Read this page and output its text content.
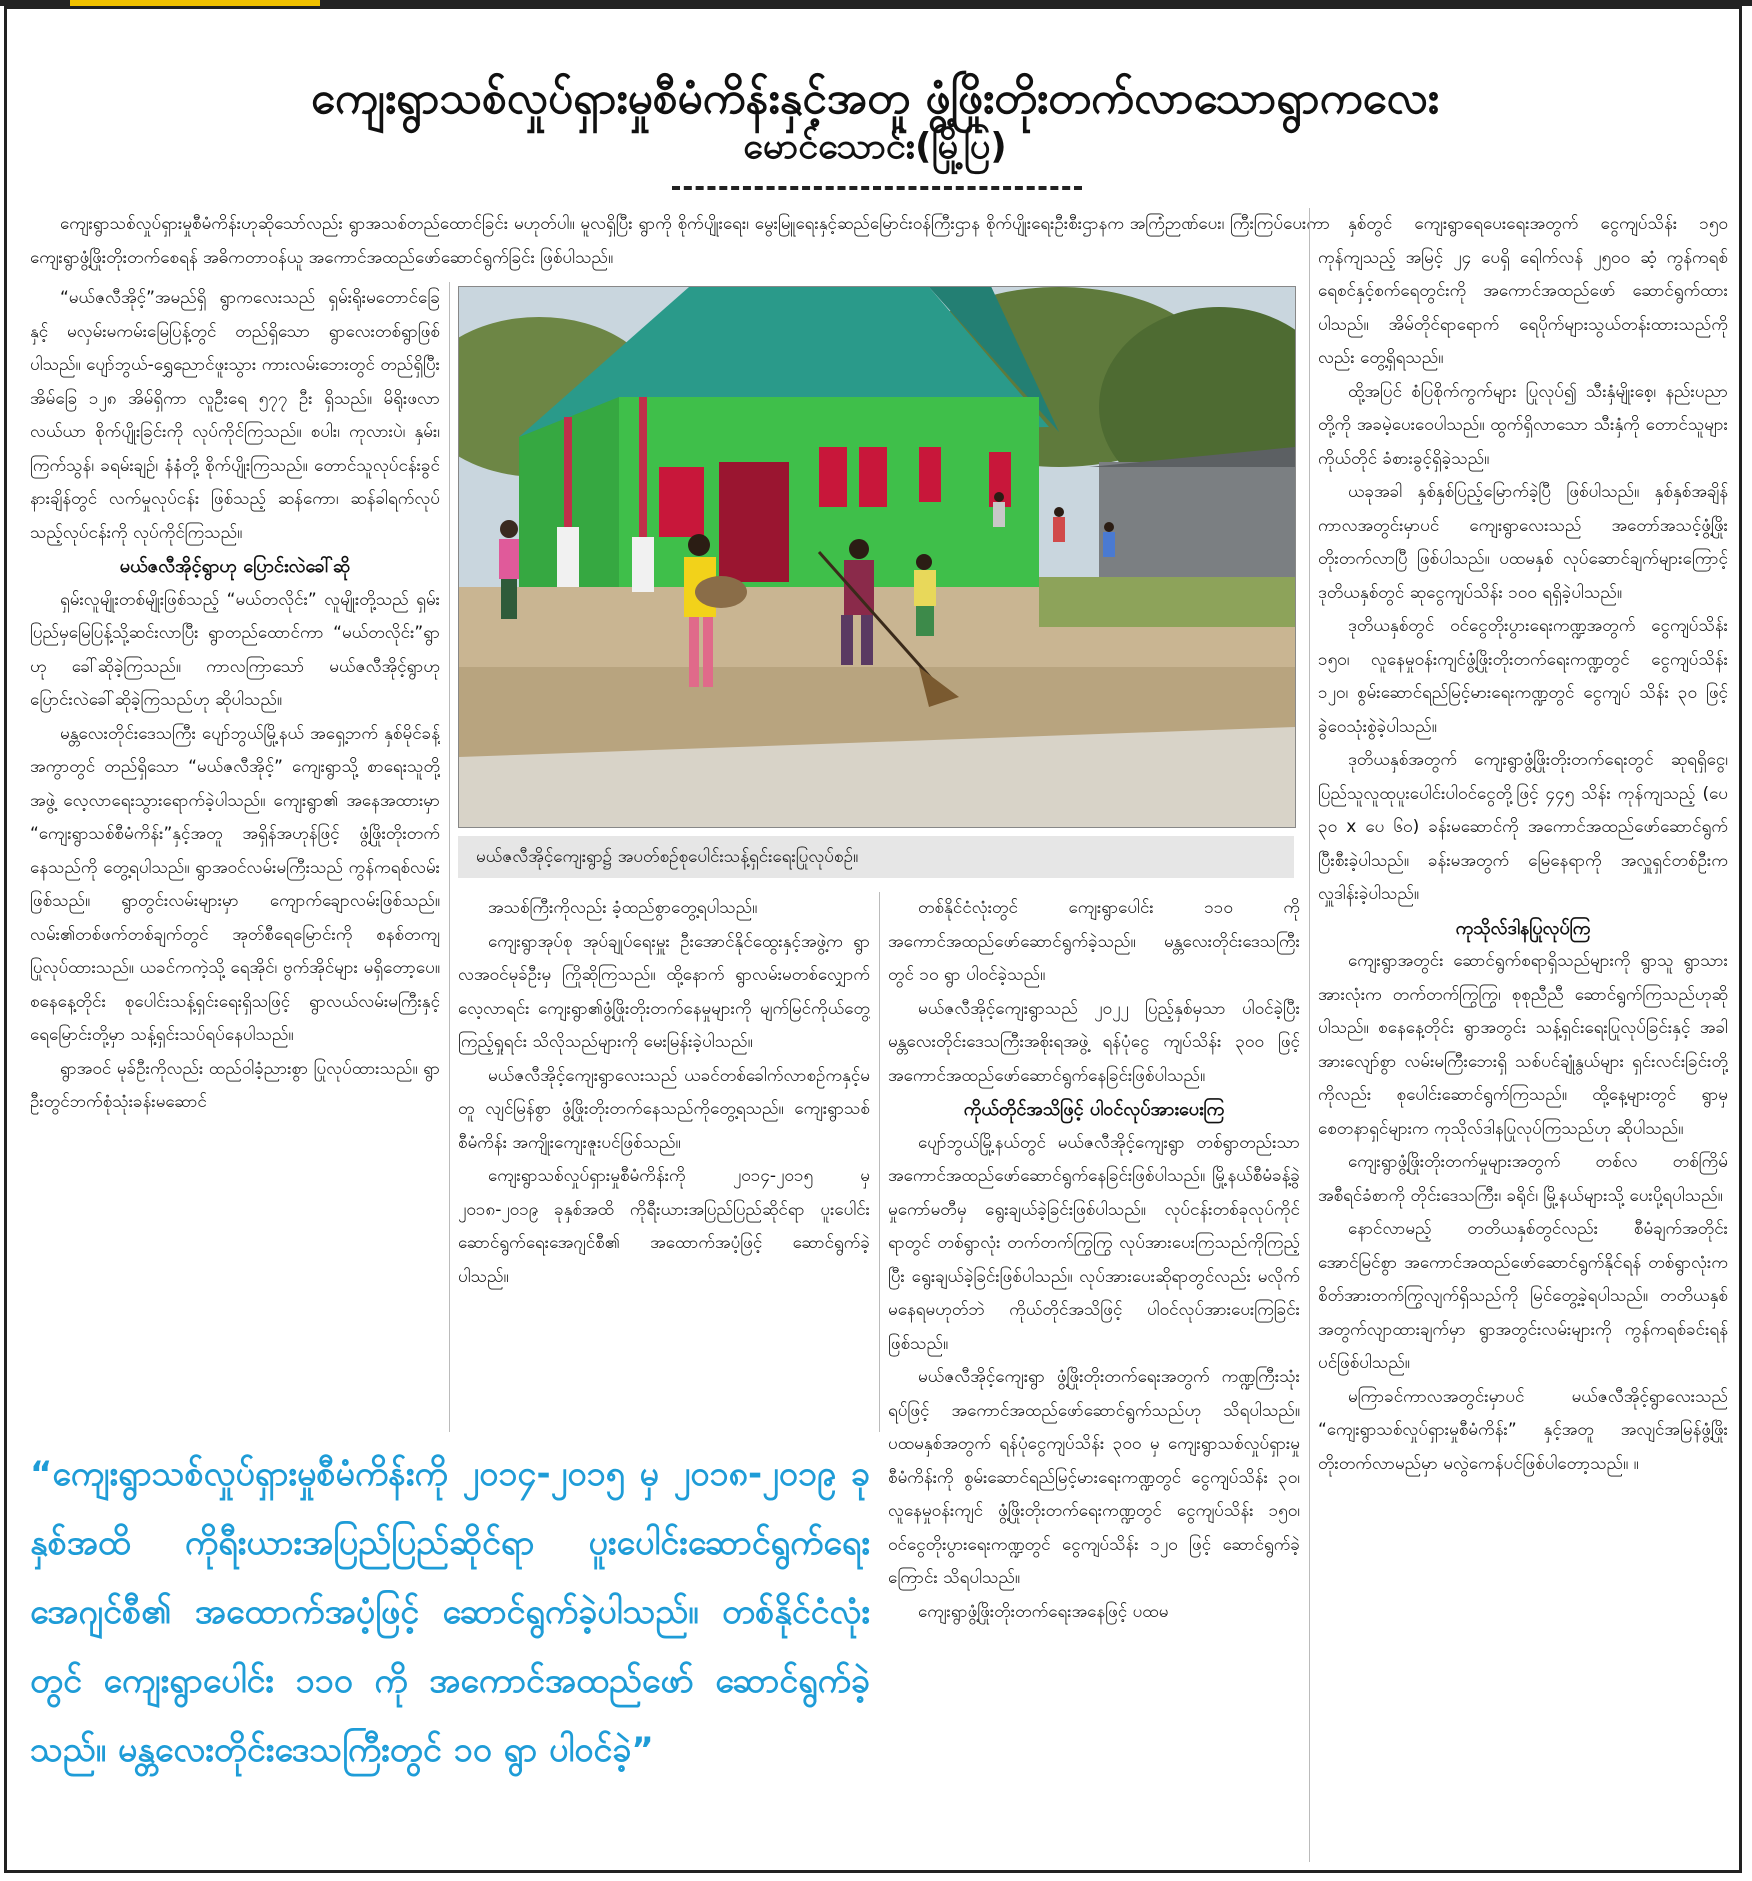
ကျေးရွာသစ်လှုပ်ရှားမှုစီမံကိန်းနှင့်အတူ ဖွံ့ဖြိုးတိုးတက်လာသောရွာကလေး
မောင်သောင်း(မြို့ပြ)

ကျေးရွာသစ်လှုပ်ရှားမှုစီမံကိန်းဟုဆိုသော်လည်း ရွာအသစ်တည်ထောင်ခြင်း မဟုတ်ပါ။ မူလရှိပြီး ရွာကို စိုက်ပျိုးရေး၊ မွေးမြူရေးနှင့်ဆည်မြောင်းဝန်ကြီးဌာန စိုက်ပျိုးရေးဦးစီးဌာနက အကြံဉာဏ်ပေး၊ ကြီးကြပ်ပေးကာ ကျေးရွာဖွံ့ဖြိုးတိုးတက်စေရန် အဓိကတာဝန်ယူ အကောင်အထည်ဖော်ဆောင်ရွက်ခြင်း ဖြစ်ပါသည်။

မယ်ဇလီအိုင့်ကျေးရွာ၌ အပတ်စဉ်စုပေါင်းသန့်ရှင်းရေးပြုလုပ်စဉ်။

“မယ်ဇလီအိုင့်”အမည်ရှိ ရွာကလေးသည် ရှမ်းရိုးမတောင်ခြေနှင့် မလှမ်းမကမ်းမြေပြန့်တွင် တည်ရှိသော ရွာလေးတစ်ရွာဖြစ်ပါသည်။ ပျော်ဘွယ်-ရွှေညောင်ဖူးသွား ကားလမ်းဘေးတွင် တည်ရှိပြီး အိမ်ခြေ ၁၂၈ အိမ်ရှိကာ လူဦးရေ ၅၇၇ ဦး ရှိသည်။ မိရိုးဖလာလယ်ယာ စိုက်ပျိုးခြင်းကို လုပ်ကိုင်ကြသည်။ စပါး၊ ကုလားပဲ၊ နှမ်း၊ ကြက်သွန်၊ ခရမ်းချဉ်၊ နံနံတို့ စိုက်ပျိုးကြသည်။ တောင်သူလုပ်ငန်းခွင်နားချိန်တွင် လက်မှုလုပ်ငန်း ဖြစ်သည့် ဆန်ကော၊ ဆန်ခါရက်လုပ်သည့်လုပ်ငန်းကို လုပ်ကိုင်ကြသည်။

မယ်ဇလီအိုင့်ရွာဟု ပြောင်းလဲခေါ်ဆို

ရှမ်းလူမျိုးတစ်မျိုးဖြစ်သည့် “မယ်တလိုင်း” လူမျိုးတို့သည် ရှမ်းပြည်မှမြေပြန့်သို့ဆင်းလာပြီး ရွာတည်ထောင်ကာ “မယ်တလိုင်း”ရွာဟု ခေါ်ဆိုခဲ့ကြသည်။ ကာလကြာသော် မယ်ဇလီအိုင့်ရွာဟု ပြောင်းလဲခေါ်ဆိုခဲ့ကြသည်ဟု ဆိုပါသည်။

မန္တလေးတိုင်းဒေသကြီး ပျော်ဘွယ်မြို့နယ် အရှေ့ဘက် နှစ်မိုင်ခန့်အကွာတွင် တည်ရှိသော “မယ်ဇလီအိုင့်” ကျေးရွာသို့ စာရေးသူတို့အဖွဲ့ လေ့လာရေးသွားရောက်ခဲ့ပါသည်။ ကျေးရွာ၏ အနေအထားမှာ “ကျေးရွာသစ်စီမံကိန်း”နှင့်အတူ အရှိန်အဟုန်ဖြင့် ဖွံ့ဖြိုးတိုးတက်နေသည်ကို တွေ့ရပါသည်။ ရွာအဝင်လမ်းမကြီးသည် ကွန်ကရစ်လမ်းဖြစ်သည်။ ရွာတွင်းလမ်းများမှာ ကျောက်ချောလမ်းဖြစ်သည်။ လမ်း၏တစ်ဖက်တစ်ချက်တွင် အုတ်စီရေမြောင်းကို စနစ်တကျပြုလုပ်ထားသည်။ ယခင်ကကဲ့သို့ ရေအိုင်၊ ဗွက်အိုင်များ မရှိတော့ပေ။ စနေနေ့တိုင်း စုပေါင်းသန့်ရှင်းရေးရှိသဖြင့် ရွာလယ်လမ်းမကြီးနှင့် ရေမြောင်းတို့မှာ သန့်ရှင်းသပ်ရပ်နေပါသည်။

ရွာအဝင် မုခ်ဦးကိုလည်း ထည်ဝါခံ့ညားစွာ ပြုလုပ်ထားသည်။ ရွာဦးတွင်ဘက်စုံသုံးခန်းမဆောင်

အသစ်ကြီးကိုလည်း ခံ့ထည်စွာတွေ့ရပါသည်။

ကျေးရွာအုပ်စု အုပ်ချုပ်ရေးမှူး ဦးအောင်နိုင်ထွေးနှင့်အဖွဲ့က ရွာလအဝင်မုခ်ဦးမှ ကြိုဆိုကြသည်။ ထို့နောက် ရွာလမ်းမတစ်လျှောက် လေ့လာရင်း ကျေးရွာ၏ဖွံ့ဖြိုးတိုးတက်နေမှုများကို မျက်မြင်ကိုယ်တွေ့ ကြည့်ရှုရင်း သိလိုသည်များကို မေးမြန်းခဲ့ပါသည်။

မယ်ဇလီအိုင့်ကျေးရွာလေးသည် ယခင်တစ်ခေါက်လာစဉ်ကနှင့်မတူ လျင်မြန်စွာ ဖွံ့ဖြိုးတိုးတက်နေသည်ကိုတွေ့ရသည်။ ကျေးရွာသစ်စီမံကိန်း အကျိုးကျေးဇူးပင်ဖြစ်သည်။

ကျေးရွာသစ်လှုပ်ရှားမှုစီမံကိန်းကို ၂၀၁၄-၂၀၁၅ မှ ၂၀၁၈-၂၀၁၉ ခုနှစ်အထိ ကိုရီးယားအပြည်ပြည်ဆိုင်ရာ ပူးပေါင်းဆောင်ရွက်ရေးအေဂျင်စီ၏ အထောက်အပံ့ဖြင့် ဆောင်ရွက်ခဲ့ပါသည်။

တစ်နိုင်ငံလုံးတွင် ကျေးရွာပေါင်း ၁၁၀ ကို အကောင်အထည်ဖော်ဆောင်ရွက်ခဲ့သည်။ မန္တလေးတိုင်းဒေသကြီးတွင် ၁၀ ရွာ ပါဝင်ခဲ့သည်။

မယ်ဇလီအိုင့်ကျေးရွာသည် ၂၀၂၂ ပြည့်နှစ်မှသာ ပါဝင်ခဲ့ပြီး မန္တလေးတိုင်းဒေသကြီးအစိုးရအဖွဲ့ ရန်ပုံငွေ ကျပ်သိန်း ၃၀၀ ဖြင့် အကောင်အထည်ဖော်ဆောင်ရွက်နေခြင်းဖြစ်ပါသည်။

ကိုယ်တိုင်အသိဖြင့် ပါဝင်လုပ်အားပေးကြ

ပျော်ဘွယ်မြို့နယ်တွင် မယ်ဇလီအိုင့်ကျေးရွာ တစ်ရွာတည်းသာအကောင်အထည်ဖော်ဆောင်ရွက်နေခြင်းဖြစ်ပါသည်။ မြို့နယ်စီမံခန့်ခွဲမှုကော်မတီမှ ရွေးချယ်ခဲ့ခြင်းဖြစ်ပါသည်။ လုပ်ငန်းတစ်ခုလုပ်ကိုင်ရာတွင် တစ်ရွာလုံး တက်တက်ကြွကြွ လုပ်အားပေးကြသည်ကိုကြည့်ပြီး ရွေးချယ်ခဲ့ခြင်းဖြစ်ပါသည်။ လုပ်အားပေးဆိုရာတွင်လည်း မလိုက်မနေရမဟုတ်ဘဲ ကိုယ်တိုင်အသိဖြင့် ပါဝင်လုပ်အားပေးကြခြင်းဖြစ်သည်။

မယ်ဇလီအိုင့်ကျေးရွာ ဖွံ့ဖြိုးတိုးတက်ရေးအတွက် ကဏ္ဍကြီးသုံးရပ်ဖြင့် အကောင်အထည်ဖော်ဆောင်ရွက်သည်ဟု သိရပါသည်။ ပထမနှစ်အတွက် ရန်ပုံငွေကျပ်သိန်း ၃၀၀ မှ ကျေးရွာသစ်လှုပ်ရှားမှုစီမံကိန်းကို စွမ်းဆောင်ရည်မြင့်မားရေးကဏ္ဍတွင် ငွေကျပ်သိန်း ၃၀၊ လူနေမှုဝန်းကျင် ဖွံ့ဖြိုးတိုးတက်ရေးကဏ္ဍတွင် ငွေကျပ်သိန်း ၁၅၀၊ ဝင်ငွေတိုးပွားရေးကဏ္ဍတွင် ငွေကျပ်သိန်း ၁၂၀ ဖြင့် ဆောင်ရွက်ခဲ့ကြောင်း သိရပါသည်။

ကျေးရွာဖွံ့ဖြိုးတိုးတက်ရေးအနေဖြင့် ပထမ

နှစ်တွင် ကျေးရွာရေပေးရေးအတွက် ငွေကျပ်သိန်း ၁၅၀ ကုန်ကျသည့် အမြင့် ၂၄ ပေရှိ ရေါက်လန် ၂၅၀၀ ဆံ့ ကွန်ကရစ်ရေစင်နှင့်စက်ရေတွင်းကို အကောင်အထည်ဖော် ဆောင်ရွက်ထားပါသည်။ အိမ်တိုင်ရာရောက် ရေပိုက်များသွယ်တန်းထားသည်ကိုလည်း တွေ့ရှိရသည်။

ထို့အပြင် စံပြစိုက်ကွက်များ ပြုလုပ်၍ သီးနှံမျိုးစေ့၊ နည်းပညာတို့ကို အခမဲ့ပေးဝေပါသည်။ ထွက်ရှိလာသော သီးနှံကို တောင်သူများကိုယ်တိုင် ခံစားခွင့်ရှိခဲ့သည်။

ယခုအခါ နှစ်နှစ်ပြည့်မြောက်ခဲ့ပြီ ဖြစ်ပါသည်။ နှစ်နှစ်အချိန်ကာလအတွင်းမှာပင် ကျေးရွာလေးသည် အတော်အသင့်ဖွံ့ဖြိုးတိုးတက်လာပြီ ဖြစ်ပါသည်။ ပထမနှစ် လုပ်ဆောင်ချက်များကြောင့် ဒုတိယနှစ်တွင် ဆုငွေကျပ်သိန်း ၁၀၀ ရရှိခဲ့ပါသည်။

ဒုတိယနှစ်တွင် ဝင်ငွေတိုးပွားရေးကဏ္ဍအတွက် ငွေကျပ်သိန်း ၁၅၀၊ လူနေမှုဝန်းကျင်ဖွံ့ဖြိုးတိုးတက်ရေးကဏ္ဍတွင် ငွေကျပ်သိန်း ၁၂၀၊ စွမ်းဆောင်ရည်မြင့်မားရေးကဏ္ဍတွင် ငွေကျပ် သိန်း ၃၀ ဖြင့် ခွဲဝေသုံးစွဲခဲ့ပါသည်။

ဒုတိယနှစ်အတွက် ကျေးရွာဖွံ့ဖြိုးတိုးတက်ရေးတွင် ဆုရရှိငွေ၊ ပြည်သူလူထုပူးပေါင်းပါဝင်ငွေတို့ဖြင့် ၄၄၅ သိန်း ကုန်ကျသည့် (ပေ ၃၀ x ပေ ၆၀) ခန်းမဆောင်ကို အကောင်အထည်ဖော်ဆောင်ရွက်ပြီးစီးခဲ့ပါသည်။ ခန်းမအတွက် မြေနေရာကို အလှူရှင်တစ်ဦးက လှူဒါန်းခဲ့ပါသည်။

ကုသိုလ်ဒါနပြုလုပ်ကြ

ကျေးရွာအတွင်း ဆောင်ရွက်စရာရှိသည်များကို ရွာသူ ရွာသားအားလုံးက တက်တက်ကြွကြွ၊ စုစုညီညီ ဆောင်ရွက်ကြသည်ဟုဆိုပါသည်။ စနေနေ့တိုင်း ရွာအတွင်း သန့်ရှင်းရေးပြုလုပ်ခြင်းနှင့် အခါအားလျော်စွာ လမ်းမကြီးဘေးရှိ သစ်ပင်ချုံနွယ်များ ရှင်းလင်းခြင်းတို့ကိုလည်း စုပေါင်းဆောင်ရွက်ကြသည်။ ထို့နေ့များတွင် ရွာမှစေတနာရှင်များက ကုသိုလ်ဒါနပြုလုပ်ကြသည်ဟု ဆိုပါသည်။

ကျေးရွာဖွံ့ဖြိုးတိုးတက်မှုများအတွက် တစ်လ တစ်ကြိမ် အစီရင်ခံစာကို တိုင်းဒေသကြီး၊ ခရိုင်၊ မြို့နယ်များသို့ ပေးပို့ရပါသည်။

နောင်လာမည့် တတိယနှစ်တွင်လည်း စီမံချက်အတိုင်း အောင်မြင်စွာ အကောင်အထည်ဖော်ဆောင်ရွက်နိုင်ရန် တစ်ရွာလုံးက စိတ်အားတက်ကြွလျက်ရှိသည်ကို မြင်တွေ့ခဲ့ရပါသည်။ တတိယနှစ်အတွက်လျာထားချက်မှာ ရွာအတွင်းလမ်းများကို ကွန်ကရစ်ခင်းရန်ပင်ဖြစ်ပါသည်။

မကြာခင်ကာလအတွင်းမှာပင် မယ်ဇလီအိုင့်ရွာလေးသည် “ကျေးရွာသစ်လှုပ်ရှားမှုစီမံကိန်း” နှင့်အတူ အလျင်အမြန်ဖွံ့ဖြိုးတိုးတက်လာမည်မှာ မလွဲကေန်ပင်ဖြစ်ပါတော့သည်။ ။

“ကျေးရွာသစ်လှုပ်ရှားမှုစီမံကိန်းကို ၂၀၁၄-၂၀၁၅ မှ ၂၀၁၈-၂၀၁၉ ခုနှစ်အထိ ကိုရီးယားအပြည်ပြည်ဆိုင်ရာ ပူးပေါင်းဆောင်ရွက်ရေးအေဂျင်စီ၏ အထောက်အပံ့ဖြင့် ဆောင်ရွက်ခဲ့ပါသည်။ တစ်နိုင်ငံလုံးတွင် ကျေးရွာပေါင်း ၁၁၀ ကို အကောင်အထည်ဖော် ဆောင်ရွက်ခဲ့သည်။ မန္တလေးတိုင်းဒေသကြီးတွင် ၁၀ ရွာ ပါဝင်ခဲ့”
